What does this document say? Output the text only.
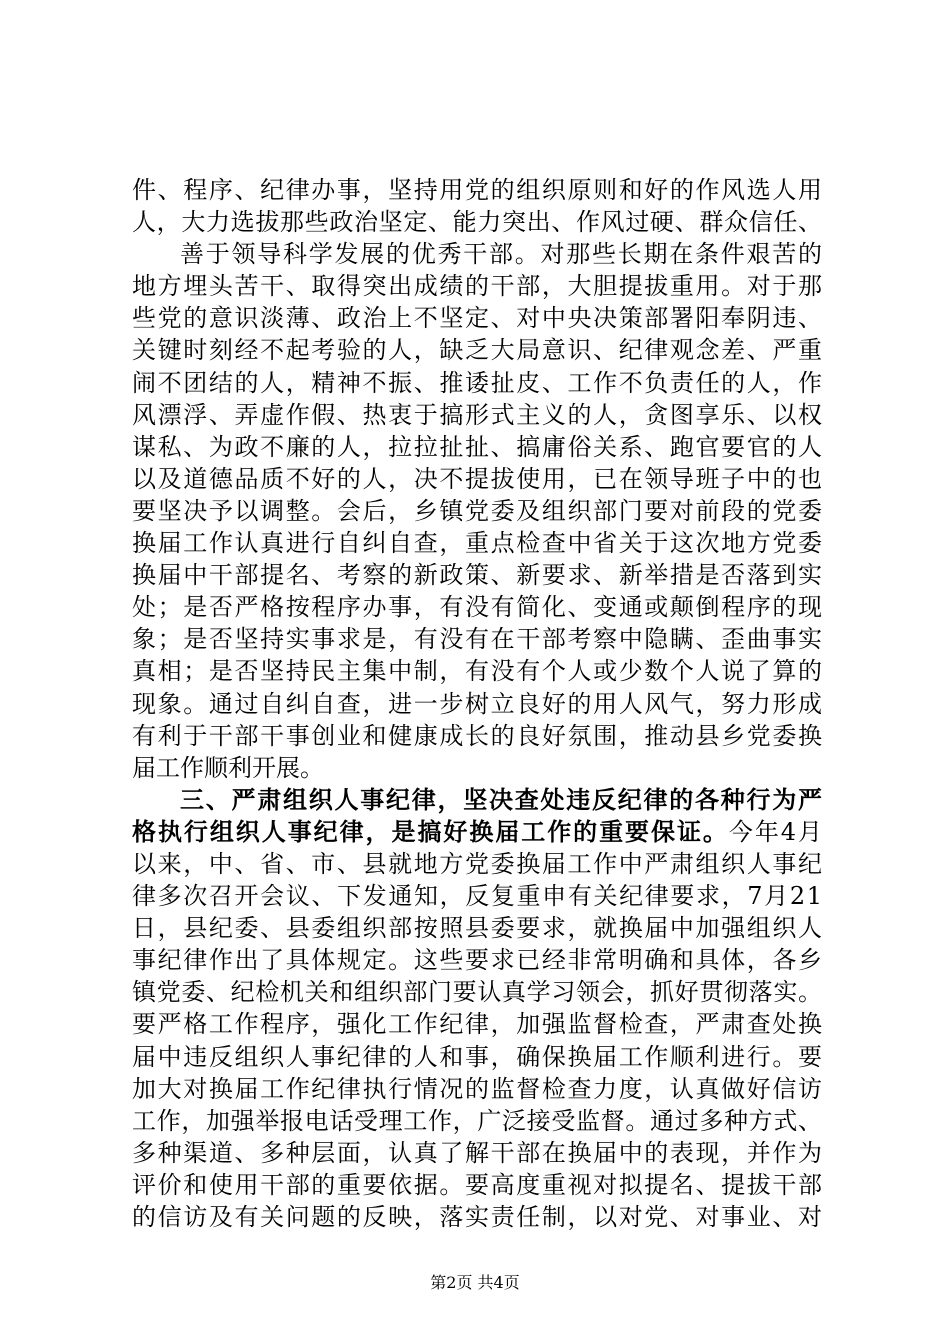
件、程序、纪律办事，坚持用党的组织原则和好的作风选人用
人，大力选拔那些政治坚定、能力突出、作风过硬、群众信任、
善于领导科学发展的优秀干部。对那些长期在条件艰苦的
地方埋头苦干、取得突出成绩的干部，大胆提拔重用。对于那
些党的意识淡薄、政治上不坚定、对中央决策部署阳奉阴违、
关键时刻经不起考验的人，缺乏大局意识、纪律观念差、严重
闹不团结的人，精神不振、推诿扯皮、工作不负责任的人，作
风漂浮、弄虚作假、热衷于搞形式主义的人，贪图享乐、以权
谋私、为政不廉的人，拉拉扯扯、搞庸俗关系、跑官要官的人
以及道德品质不好的人，决不提拔使用，已在领导班子中的也
要坚决予以调整。会后，乡镇党委及组织部门要对前段的党委
换届工作认真进行自纠自查，重点检查中省关于这次地方党委
换届中干部提名、考察的新政策、新要求、新举措是否落到实
处；是否严格按程序办事，有没有简化、变通或颠倒程序的现
象；是否坚持实事求是，有没有在干部考察中隐瞒、歪曲事实
真相；是否坚持民主集中制，有没有个人或少数个人说了算的
现象。通过自纠自查，进一步树立良好的用人风气，努力形成
有利于干部干事创业和健康成长的良好氛围，推动县乡党委换
届工作顺利开展。
三、严肃组织人事纪律，坚决查处违反纪律的各种行为严
格执行组织人事纪律，是搞好换届工作的重要保证。今年4月
以来，中、省、市、县就地方党委换届工作中严肃组织人事纪
律多次召开会议、下发通知，反复重申有关纪律要求，7月21
日，县纪委、县委组织部按照县委要求，就换届中加强组织人
事纪律作出了具体规定。这些要求已经非常明确和具体，各乡
镇党委、纪检机关和组织部门要认真学习领会，抓好贯彻落实。
要严格工作程序，强化工作纪律，加强监督检查，严肃查处换
届中违反组织人事纪律的人和事，确保换届工作顺利进行。要
加大对换届工作纪律执行情况的监督检查力度，认真做好信访
工作，加强举报电话受理工作，广泛接受监督。通过多种方式、
多种渠道、多种层面，认真了解干部在换届中的表现，并作为
评价和使用干部的重要依据。要高度重视对拟提名、提拔干部
的信访及有关问题的反映，落实责任制，以对党、对事业、对
第2页 共4页
